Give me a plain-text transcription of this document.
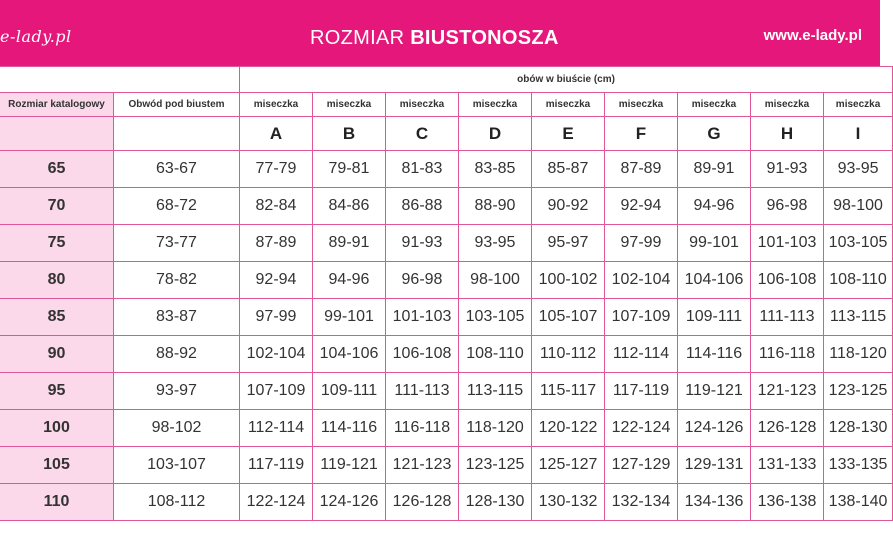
e-lady.pl	ROZMIAR BIUSTONOSZA	www.e-lady.pl
		obów w biuście (cm)								
Rozmiar katalogowy	Obwód pod biustem	miseczka	miseczka	miseczka	miseczka	miseczka	miseczka	miseczka	miseczka	miseczka
		A	B	C	D	E	F	G	H	I
65	63-67	77-79	79-81	81-83	83-85	85-87	87-89	89-91	91-93	93-95
70	68-72	82-84	84-86	86-88	88-90	90-92	92-94	94-96	96-98	98-100
75	73-77	87-89	89-91	91-93	93-95	95-97	97-99	99-101	101-103	103-105
80	78-82	92-94	94-96	96-98	98-100	100-102	102-104	104-106	106-108	108-110
85	83-87	97-99	99-101	101-103	103-105	105-107	107-109	109-111	111-113	113-115
90	88-92	102-104	104-106	106-108	108-110	110-112	112-114	114-116	116-118	118-120
95	93-97	107-109	109-111	111-113	113-115	115-117	117-119	119-121	121-123	123-125
100	98-102	112-114	114-116	116-118	118-120	120-122	122-124	124-126	126-128	128-130
105	103-107	117-119	119-121	121-123	123-125	125-127	127-129	129-131	131-133	133-135
110	108-112	122-124	124-126	126-128	128-130	130-132	132-134	134-136	136-138	138-140
